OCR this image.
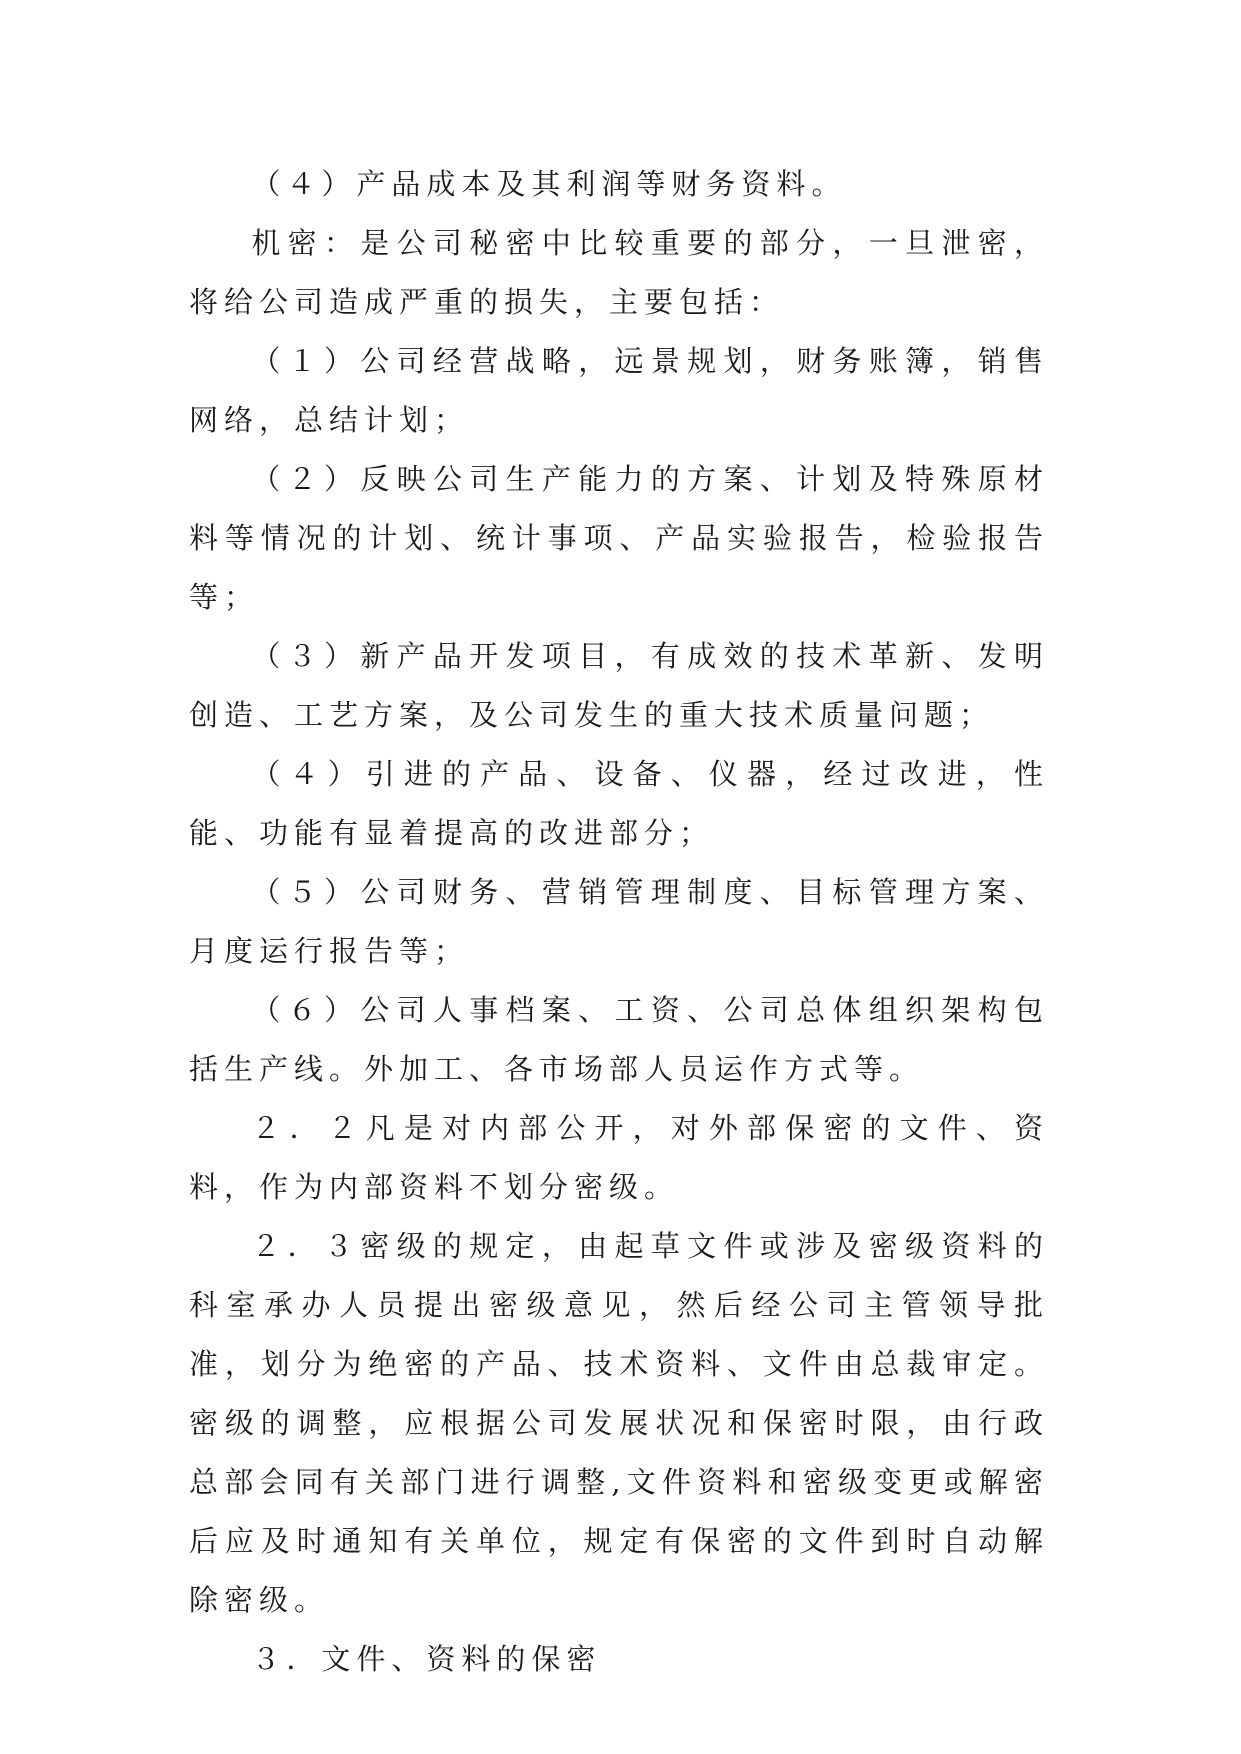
（４）产品成本及其利润等财务资料。

机密：是公司秘密中比较重要的部分，一旦泄密，将给公司造成严重的损失，主要包括：

（１）公司经营战略，远景规划，财务账簿，销售网络，总结计划；

（２）反映公司生产能力的方案、计划及特殊原材料等情况的计划、统计事项、产品实验报告，检验报告等；

（３）新产品开发项目，有成效的技术革新、发明创造、工艺方案，及公司发生的重大技术质量问题；

（４）引进的产品、设备、仪器，经过改进，性能、功能有显着提高的改进部分；

（５）公司财务、营销管理制度、目标管理方案、月度运行报告等；

（６）公司人事档案、工资、公司总体组织架构包括生产线。外加工、各市场部人员运作方式等。

２．２凡是对内部公开，对外部保密的文件、资料，作为内部资料不划分密级。

２．３密级的规定，由起草文件或涉及密级资料的科室承办人员提出密级意见，然后经公司主管领导批准，划分为绝密的产品、技术资料、文件由总裁审定。密级的调整，应根据公司发展状况和保密时限，由行政总部会同有关部门进行调整,文件资料和密级变更或解密后应及时通知有关单位，规定有保密的文件到时自动解除密级。

３．文件、资料的保密
